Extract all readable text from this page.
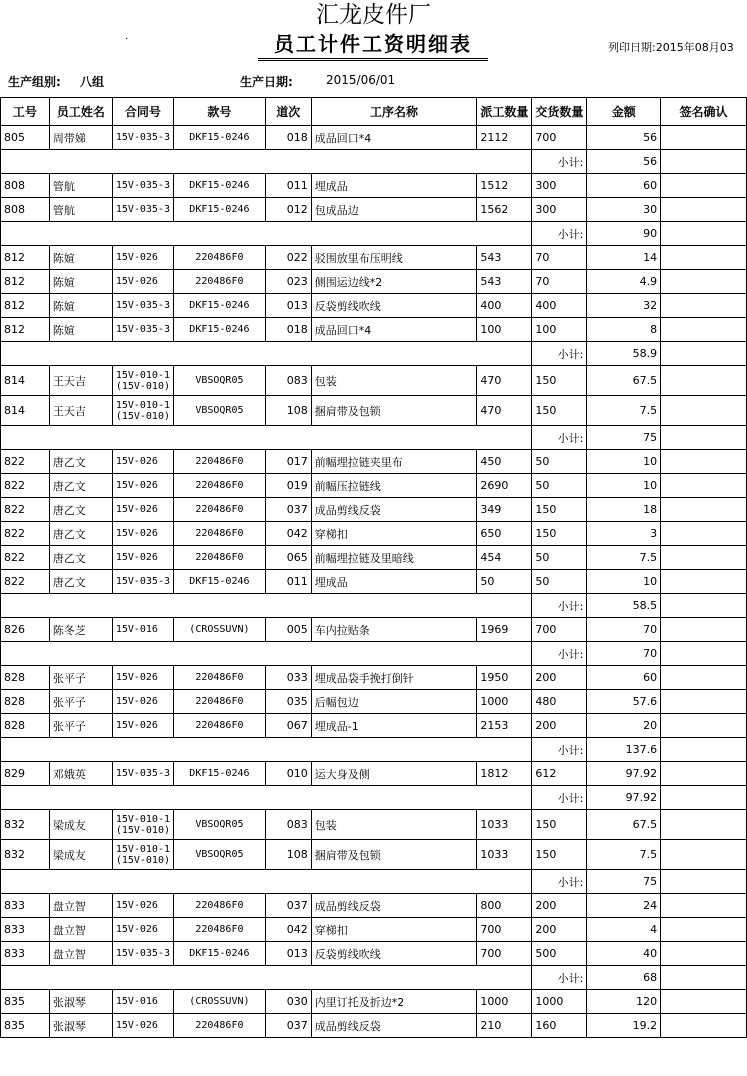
汇龙皮件厂
.	员工计件工资明细表	列印日期:2015年08月03
生产组别: 八组	生产日期:	2015/06/01
工号	员工姓名	合同号	款号	道次	工序名称	派工数量	交货数量	金额	签名确认
805	周带娣	15V-035-3	DKF15-0246	018	成品回口*4	2112	700	56	
							小计:	56	
808	管航	15V-035-3	DKF15-0246	011	埋成品	1512	300	60	
808	管航	15V-035-3	DKF15-0246	012	包成品边	1562	300	30	
							小计:	90	
812	陈媗	15V-026	220486F0	022	驳围放里布压明线	543	70	14	
812	陈媗	15V-026	220486F0	023	侧围运边线*2	543	70	4.9	
812	陈媗	15V-035-3	DKF15-0246	013	反袋剪线吹线	400	400	32	
812	陈媗	15V-035-3	DKF15-0246	018	成品回口*4	100	100	8	
							小计:	58.9	
814	王天吉	15V-010-1
(15V-010)	VBSOQR05	083	包装	470	150	67.5	
814	王天吉	15V-010-1
(15V-010)	VBSOQR05	108	捆肩带及包锁	470	150	7.5	
							小计:	75	
822	唐乙文	15V-026	220486F0	017	前幅埋拉链夹里布	450	50	10	
822	唐乙文	15V-026	220486F0	019	前幅压拉链线	2690	50	10	
822	唐乙文	15V-026	220486F0	037	成品剪线反袋	349	150	18	
822	唐乙文	15V-026	220486F0	042	穿梯扣	650	150	3	
822	唐乙文	15V-026	220486F0	065	前幅埋拉链及里暗线	454	50	7.5	
822	唐乙文	15V-035-3	DKF15-0246	011	埋成品	50	50	10	
							小计:	58.5	
826	陈冬芝	15V-016	(CROSSUVN)	005	车内拉贴条	1969	700	70	
							小计:	70	
828	张平子	15V-026	220486F0	033	埋成品袋手挽打倒针	1950	200	60	
828	张平子	15V-026	220486F0	035	后幅包边	1000	480	57.6	
828	张平子	15V-026	220486F0	067	埋成品-1	2153	200	20	
							小计:	137.6	
829	邓娥英	15V-035-3	DKF15-0246	010	运大身及侧	1812	612	97.92	
							小计:	97.92	
832	梁成友	15V-010-1
(15V-010)	VBSOQR05	083	包装	1033	150	67.5	
832	梁成友	15V-010-1
(15V-010)	VBSOQR05	108	捆肩带及包锁	1033	150	7.5	
							小计:	75	
833	盘立智	15V-026	220486F0	037	成品剪线反袋	800	200	24	
833	盘立智	15V-026	220486F0	042	穿梯扣	700	200	4	
833	盘立智	15V-035-3	DKF15-0246	013	反袋剪线吹线	700	500	40	
							小计:	68	
835	张淑琴	15V-016	(CROSSUVN)	030	内里订托及折边*2	1000	1000	120	
835	张淑琴	15V-026	220486F0	037	成品剪线反袋	210	160	19.2	
